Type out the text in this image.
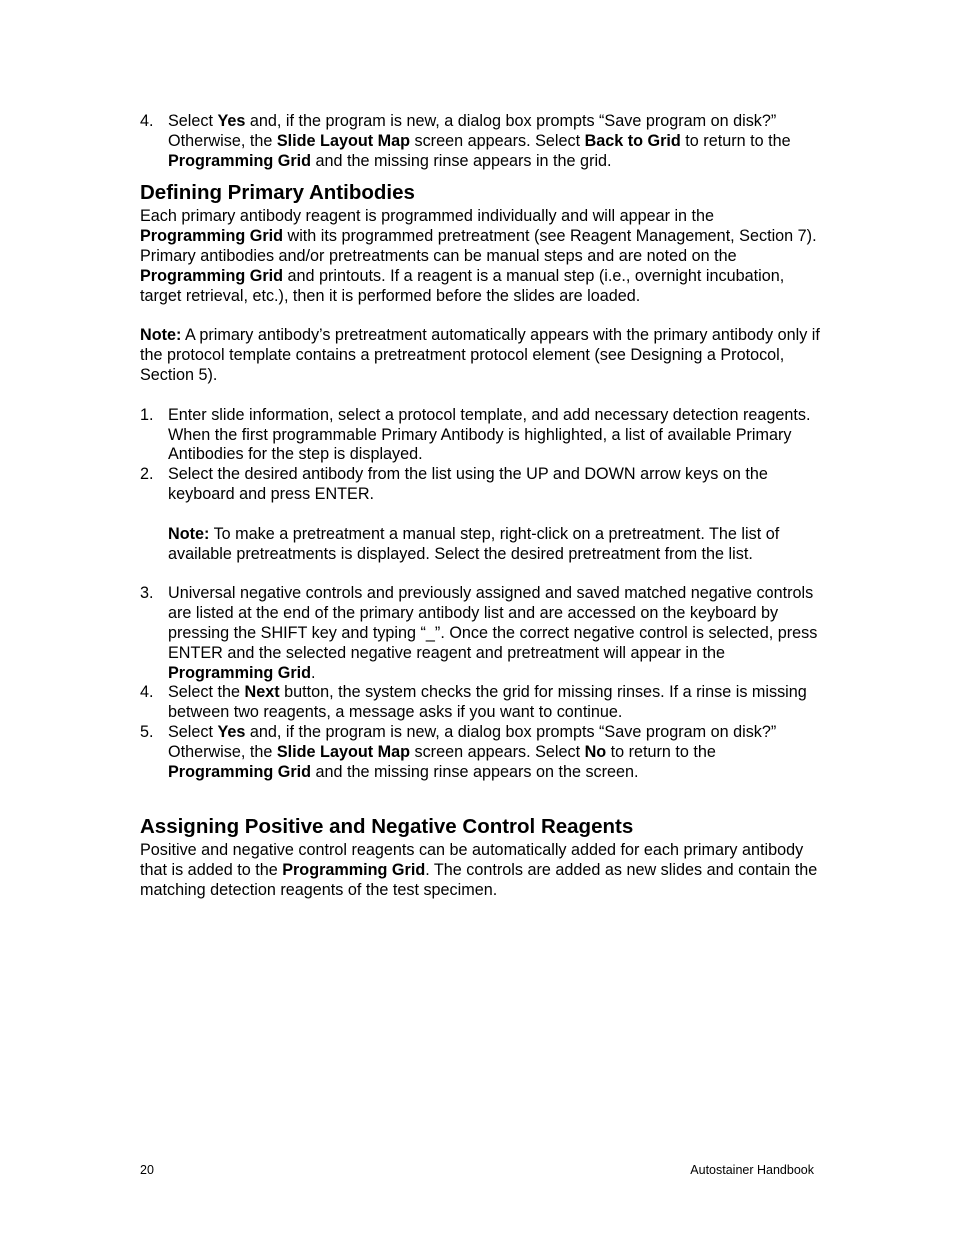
4. Select Yes and, if the program is new, a dialog box prompts “Save program on disk?” Otherwise, the Slide Layout Map screen appears. Select Back to Grid to return to the Programming Grid and the missing rinse appears in the grid.

Defining Primary Antibodies

Each primary antibody reagent is programmed individually and will appear in the Programming Grid with its programmed pretreatment (see Reagent Management, Section 7). Primary antibodies and/or pretreatments can be manual steps and are noted on the Programming Grid and printouts. If a reagent is a manual step (i.e., overnight incubation, target retrieval, etc.), then it is performed before the slides are loaded.

Note: A primary antibody’s pretreatment automatically appears with the primary antibody only if the protocol template contains a pretreatment protocol element (see Designing a Protocol, Section 5).

1. Enter slide information, select a protocol template, and add necessary detection reagents. When the first programmable Primary Antibody is highlighted, a list of available Primary Antibodies for the step is displayed.

2. Select the desired antibody from the list using the UP and DOWN arrow keys on the keyboard and press ENTER.

Note: To make a pretreatment a manual step, right-click on a pretreatment. The list of available pretreatments is displayed. Select the desired pretreatment from the list.

3. Universal negative controls and previously assigned and saved matched negative controls are listed at the end of the primary antibody list and are accessed on the keyboard by pressing the SHIFT key and typing “_”. Once the correct negative control is selected, press ENTER and the selected negative reagent and pretreatment will appear in the Programming Grid.

4. Select the Next button, the system checks the grid for missing rinses. If a rinse is missing between two reagents, a message asks if you want to continue.

5. Select Yes and, if the program is new, a dialog box prompts “Save program on disk?” Otherwise, the Slide Layout Map screen appears. Select No to return to the Programming Grid and the missing rinse appears on the screen.

Assigning Positive and Negative Control Reagents

Positive and negative control reagents can be automatically added for each primary antibody that is added to the Programming Grid. The controls are added as new slides and contain the matching detection reagents of the test specimen.

20	Autostainer Handbook
